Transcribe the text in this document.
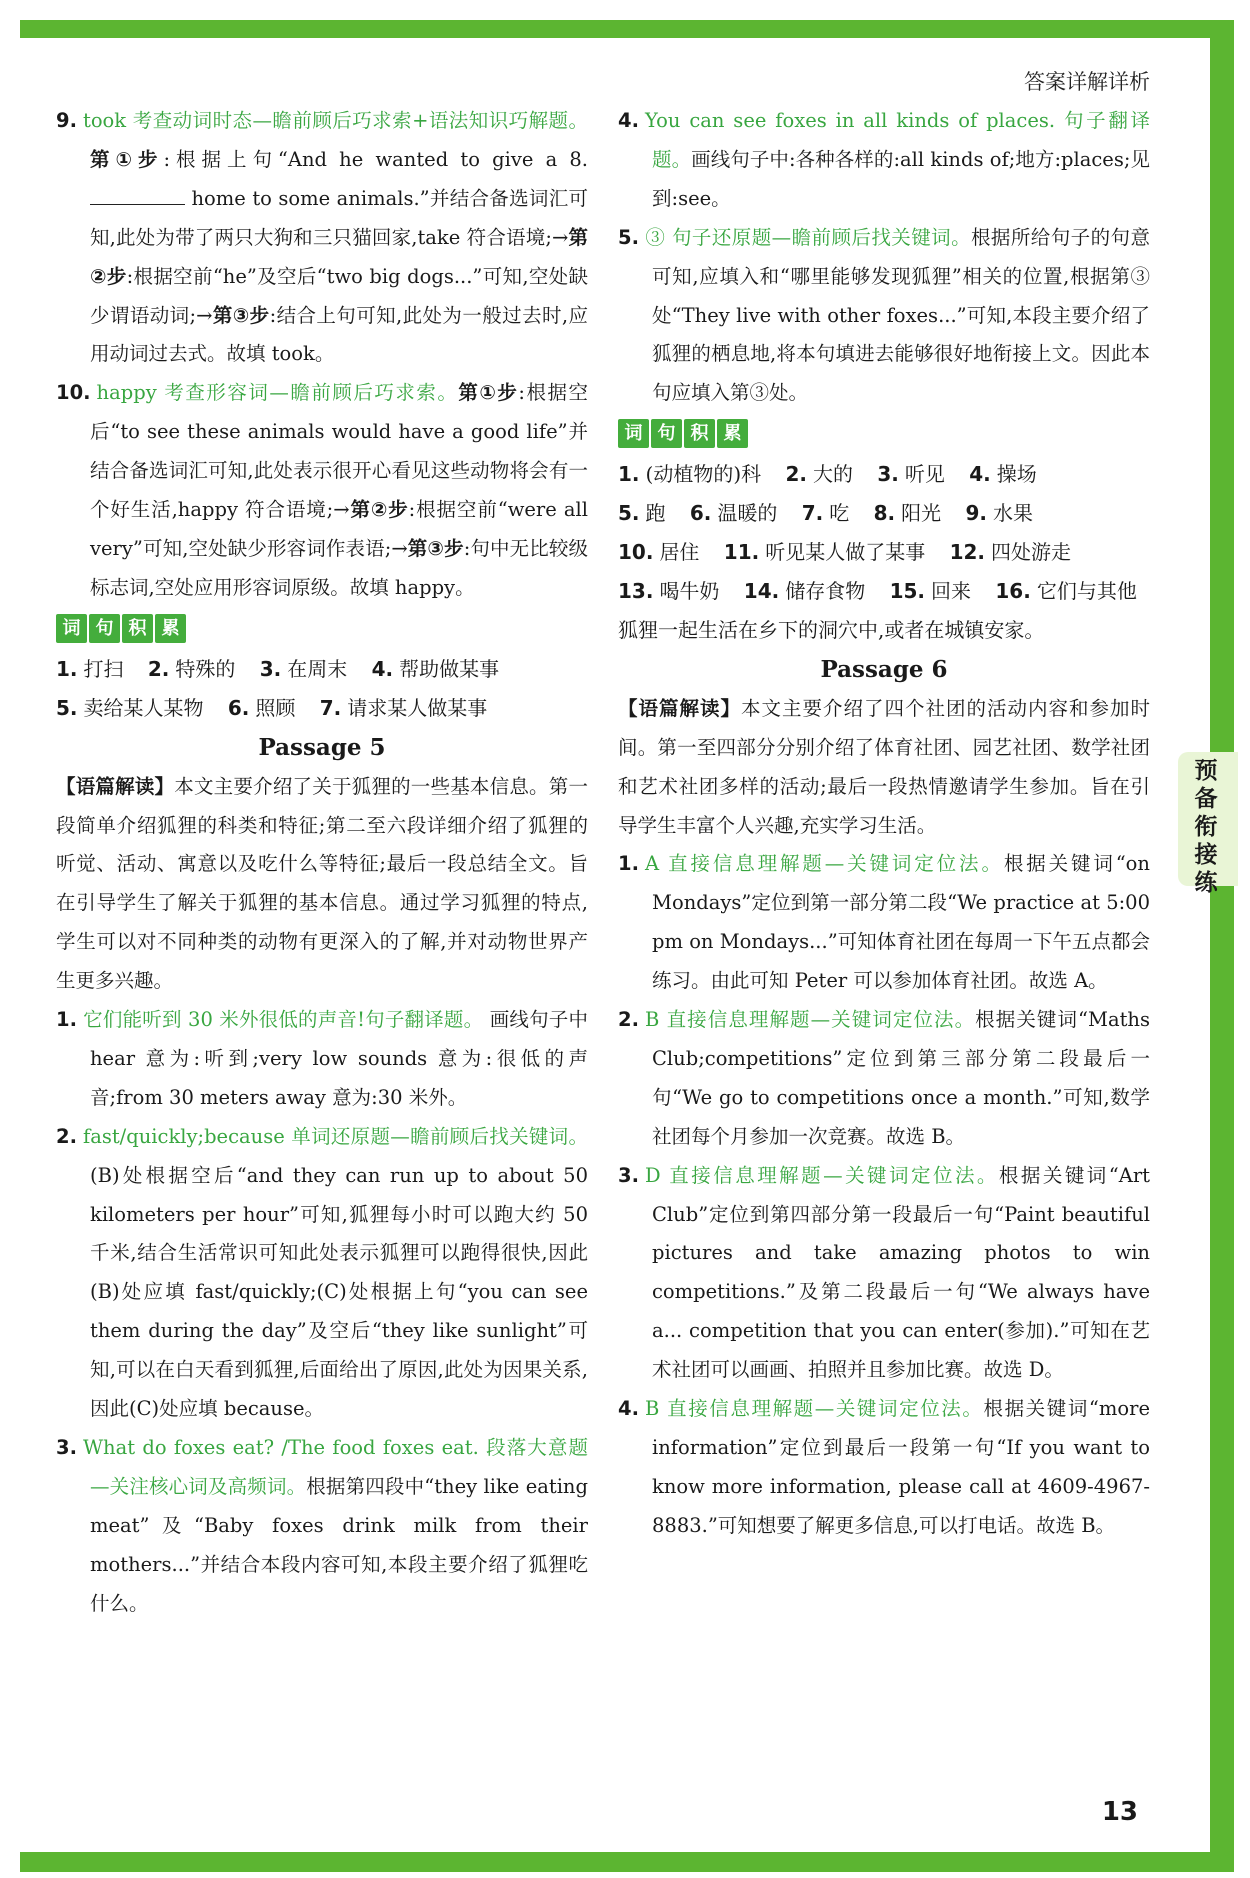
答案详解详析
预备衔接练
13

9. took 考查动词时态—瞻前顾后巧求索+语法知识巧解题。第①步:根据上句“And he wanted to give a 8. home to some animals.”并结合备选词汇可知,此处为带了两只大狗和三只猫回家,take 符合语境;→第②步:根据空前“he”及空后“two big dogs...”可知,空处缺少谓语动词;→第③步:结合上句可知,此处为一般过去时,应用动词过去式。故填 took。

10. happy 考查形容词—瞻前顾后巧求索。第①步:根据空后“to see these animals would have a good life”并结合备选词汇可知,此处表示很开心看见这些动物将会有一个好生活,happy 符合语境;→第②步:根据空前“were all very”可知,空处缺少形容词作表语;→第③步:句中无比较级标志词,空处应用形容词原级。故填 happy。

词 句 积 累

1. 打扫 2. 特殊的 3. 在周末 4. 帮助做某事

5. 卖给某人某物 6. 照顾 7. 请求某人做某事

Passage 5

【语篇解读】本文主要介绍了关于狐狸的一些基本信息。第一段简单介绍狐狸的科类和特征;第二至六段详细介绍了狐狸的听觉、活动、寓意以及吃什么等特征;最后一段总结全文。旨在引导学生了解关于狐狸的基本信息。通过学习狐狸的特点,学生可以对不同种类的动物有更深入的了解,并对动物世界产生更多兴趣。

1. 它们能听到 30 米外很低的声音!句子翻译题。 画线句子中 hear 意为:听到;very low sounds 意为:很低的声音;from 30 meters away 意为:30 米外。

2. fast/quickly;because 单词还原题—瞻前顾后找关键词。(B)处根据空后“and they can run up to about 50 kilometers per hour”可知,狐狸每小时可以跑大约 50 千米,结合生活常识可知此处表示狐狸可以跑得很快,因此(B)处应填 fast/quickly;(C)处根据上句“you can see them during the day”及空后“they like sunlight”可知,可以在白天看到狐狸,后面给出了原因,此处为因果关系,因此(C)处应填 because。

3. What do foxes eat? /The food foxes eat. 段落大意题—关注核心词及高频词。根据第四段中“they like eating meat”及“Baby foxes drink milk from their mothers...”并结合本段内容可知,本段主要介绍了狐狸吃什么。

4. You can see foxes in all kinds of places. 句子翻译题。画线句子中:各种各样的:all kinds of;地方:places;见到:see。

5. ③ 句子还原题—瞻前顾后找关键词。根据所给句子的句意可知,应填入和“哪里能够发现狐狸”相关的位置,根据第③处“They live with other foxes...”可知,本段主要介绍了狐狸的栖息地,将本句填进去能够很好地衔接上文。因此本句应填入第③处。

词 句 积 累

1. (动植物的)科 2. 大的 3. 听见 4. 操场

5. 跑 6. 温暖的 7. 吃 8. 阳光 9. 水果

10. 居住 11. 听见某人做了某事 12. 四处游走

13. 喝牛奶 14. 储存食物 15. 回来 16. 它们与其他狐狸一起生活在乡下的洞穴中,或者在城镇安家。

Passage 6

【语篇解读】本文主要介绍了四个社团的活动内容和参加时间。第一至四部分分别介绍了体育社团、园艺社团、数学社团和艺术社团多样的活动;最后一段热情邀请学生参加。旨在引导学生丰富个人兴趣,充实学习生活。

1. A 直接信息理解题—关键词定位法。根据关键词“on Mondays”定位到第一部分第二段“We practice at 5:00 pm on Mondays...”可知体育社团在每周一下午五点都会练习。由此可知 Peter 可以参加体育社团。故选 A。

2. B 直接信息理解题—关键词定位法。根据关键词“Maths Club;competitions”定位到第三部分第二段最后一句“We go to competitions once a month.”可知,数学社团每个月参加一次竞赛。故选 B。

3. D 直接信息理解题—关键词定位法。根据关键词“Art Club”定位到第四部分第一段最后一句“Paint beautiful pictures and take amazing photos to win competitions.”及第二段最后一句“We always have a... competition that you can enter(参加).”可知在艺术社团可以画画、拍照并且参加比赛。故选 D。

4. B 直接信息理解题—关键词定位法。根据关键词“more information”定位到最后一段第一句“If you want to know more information, please call at 4609-4967-8883.”可知想要了解更多信息,可以打电话。故选 B。
